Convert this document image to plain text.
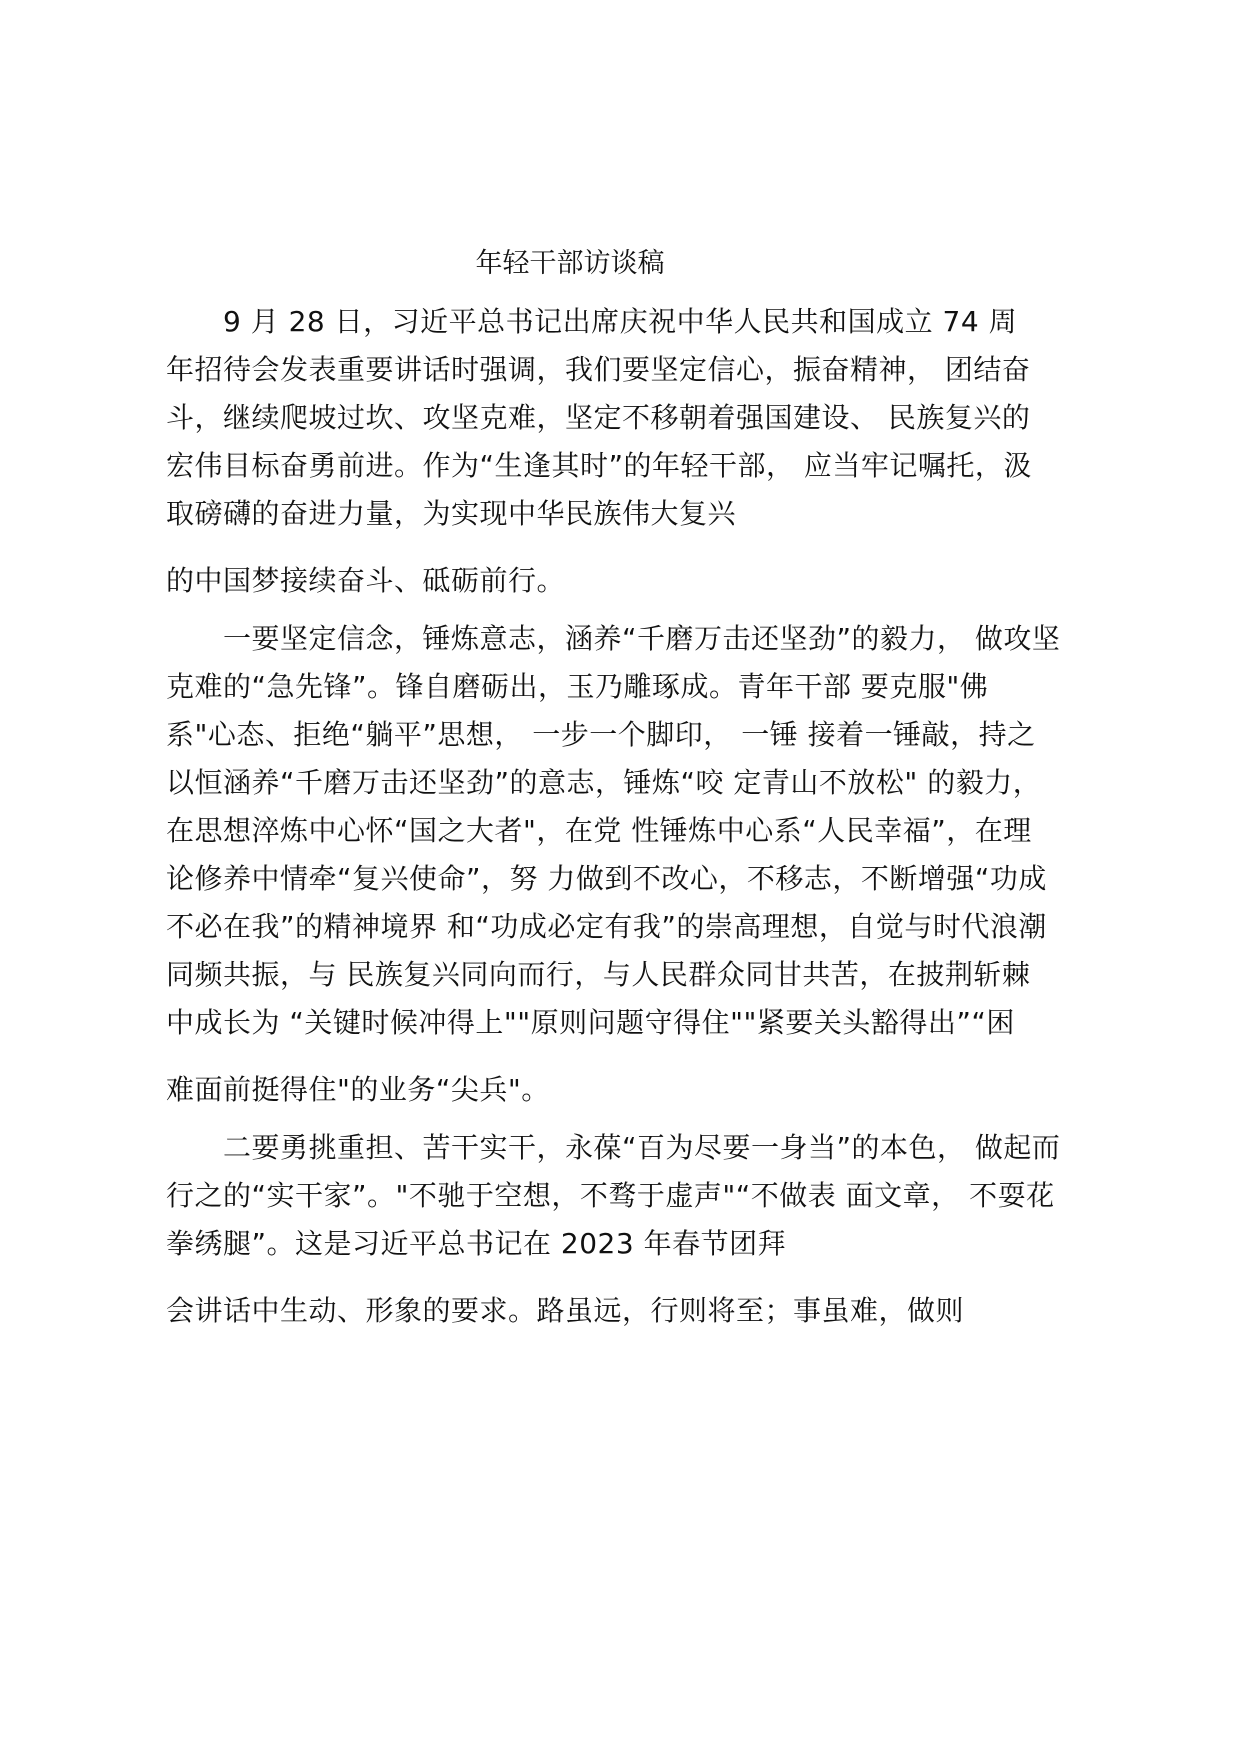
年轻干部访谈稿
　　9 月 28 日，习近平总书记出席庆祝中华人民共和国成立 74 周
年招待会发表重要讲话时强调，我们要坚定信心，振奋精神， 团结奋
斗，继续爬坡过坎、攻坚克难，坚定不移朝着强国建设、 民族复兴的
宏伟目标奋勇前进。作为“生逢其时”的年轻干部， 应当牢记嘱托，汲
取磅礴的奋进力量，为实现中华民族伟大复兴
的中国梦接续奋斗、砥砺前行。
　　一要坚定信念，锤炼意志，涵养“千磨万击还坚劲”的毅力， 做攻坚
克难的“急先锋”。锋自磨砺出，玉乃雕琢成。青年干部 要克服"佛
系"心态、拒绝“躺平”思想， 一步一个脚印， 一锤 接着一锤敲，持之
以恒涵养“千磨万击还坚劲”的意志，锤炼“咬 定青山不放松" 的毅力，
在思想淬炼中心怀“国之大者"，在党 性锤炼中心系“人民幸福”，在理
论修养中情牵“复兴使命”，努 力做到不改心，不移志，不断增强“功成
不必在我”的精神境界 和“功成必定有我”的崇高理想，自觉与时代浪潮
同频共振，与 民族复兴同向而行，与人民群众同甘共苦，在披荆斩棘
中成长为 “关键时候冲得上""原则问题守得住""紧要关头豁得出”“困
难面前挺得住"的业务“尖兵"。
　　二要勇挑重担、苦干实干，永葆“百为尽要一身当”的本色， 做起而
行之的“实干家”。"不驰于空想，不骛于虚声"“不做表 面文章， 不耍花
拳绣腿”。这是习近平总书记在 2023 年春节团拜
会讲话中生动、形象的要求。路虽远，行则将至；事虽难，做则
